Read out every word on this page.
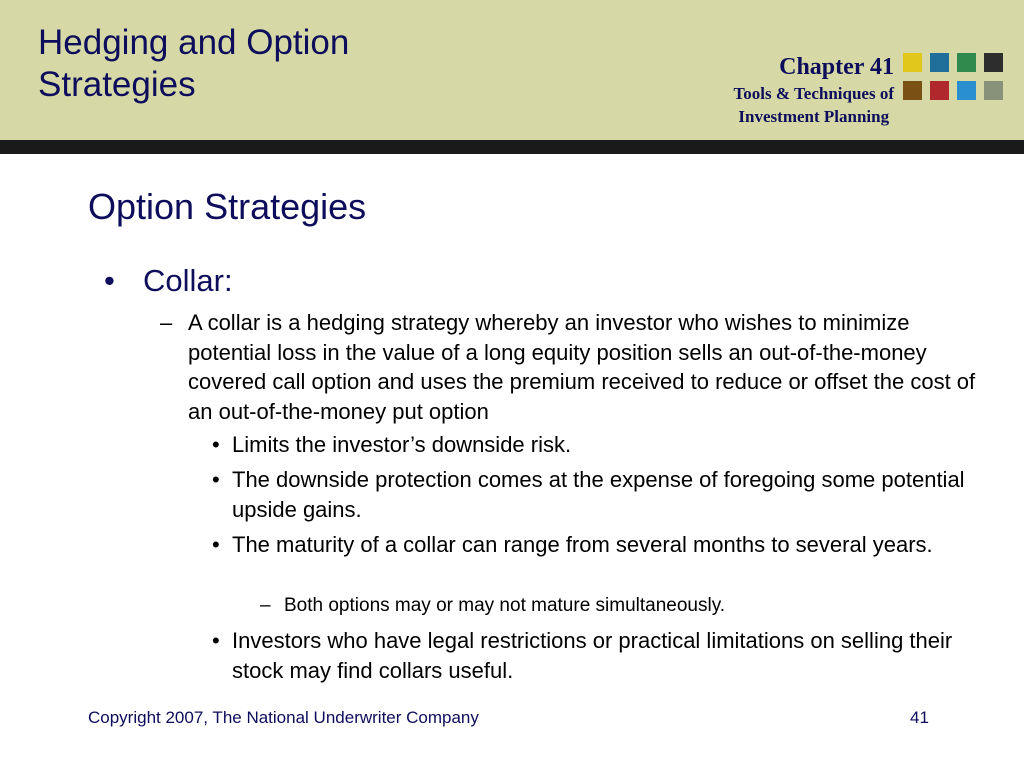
Hedging and Option
Strategies	Chapter 41
Tools & Techniques of
Investment Planning
Option Strategies
• Collar:
– A collar is a hedging strategy whereby an investor who wishes to minimize potential loss in the value of a long equity position sells an out-of-the-money covered call option and uses the premium received to reduce or offset the cost of an out-of-the-money put option
• Limits the investor’s downside risk.
• The downside protection comes at the expense of foregoing some potential upside gains.
• The maturity of a collar can range from several months to several years.
– Both options may or may not mature simultaneously.
• Investors who have legal restrictions or practical limitations on selling their stock may find collars useful.
Copyright 2007, The National Underwriter Company	41
